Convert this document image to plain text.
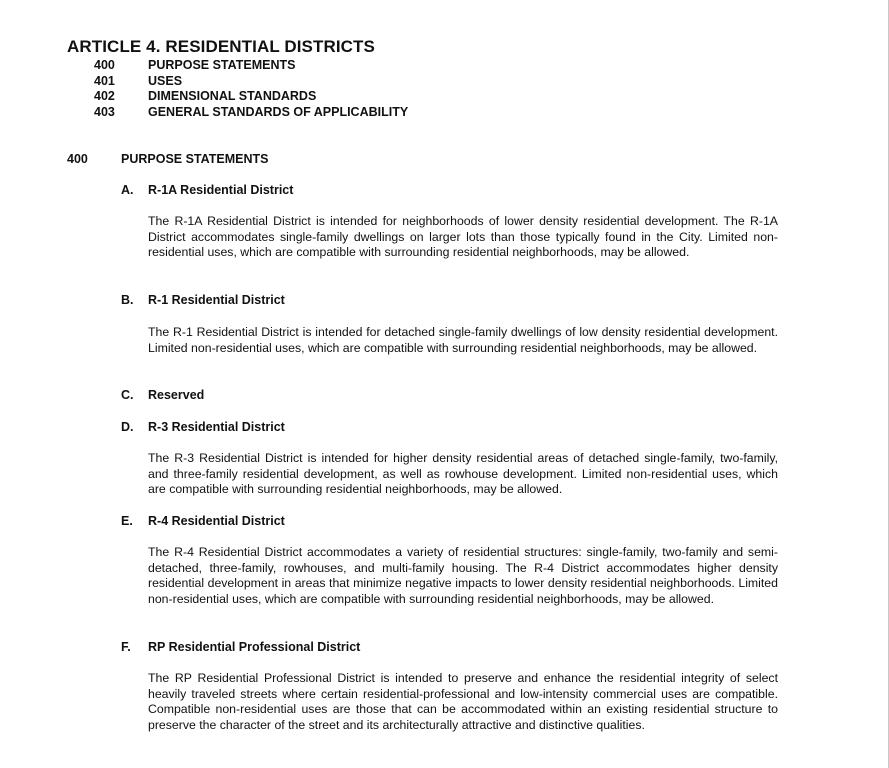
ARTICLE 4. RESIDENTIAL DISTRICTS
400	PURPOSE STATEMENTS
401	USES
402	DIMENSIONAL STANDARDS
403	GENERAL STANDARDS OF APPLICABILITY
400	PURPOSE STATEMENTS
A. R-1A Residential District

The R-1A Residential District is intended for neighborhoods of lower density residential development. The R-1A District accommodates single-family dwellings on larger lots than those typically found in the City. Limited non-residential uses, which are compatible with surrounding residential neighborhoods, may be allowed.

B. R-1 Residential District

The R-1 Residential District is intended for detached single-family dwellings of low density residential development. Limited non-residential uses, which are compatible with surrounding residential neighborhoods, may be allowed.

C. Reserved
D. R-3 Residential District

The R-3 Residential District is intended for higher density residential areas of detached single-family, two-family, and three-family residential development, as well as rowhouse development. Limited non-residential uses, which are compatible with surrounding residential neighborhoods, may be allowed.

E. R-4 Residential District

The R-4 Residential District accommodates a variety of residential structures: single-family, two-family and semi-detached, three-family, rowhouses, and multi-family housing. The R-4 District accommodates higher density residential development in areas that minimize negative impacts to lower density residential neighborhoods. Limited non-residential uses, which are compatible with surrounding residential neighborhoods, may be allowed.

F. RP Residential Professional District

The RP Residential Professional District is intended to preserve and enhance the residential integrity of select heavily traveled streets where certain residential-professional and low-intensity commercial uses are compatible. Compatible non-residential uses are those that can be accommodated within an existing residential structure to preserve the character of the street and its architecturally attractive and distinctive qualities.
